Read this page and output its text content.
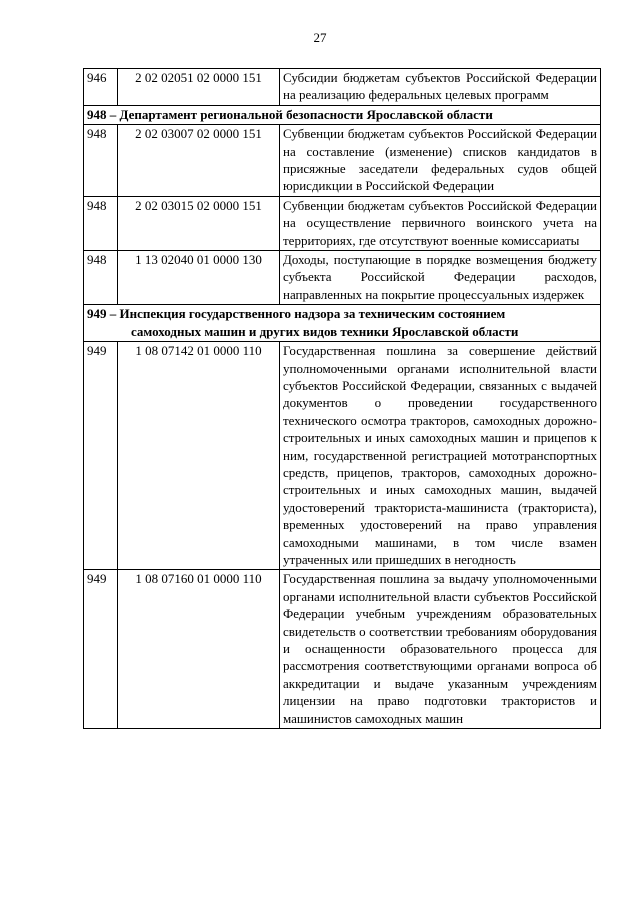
27
946	2 02 02051 02 0000 151	Субсидии бюджетам субъектов Российской Федерации на реализацию федеральных целевых программ
948 – Департамент региональной безопасности Ярославской области		
948	2 02 03007 02 0000 151	Субвенции бюджетам субъектов Российской Федерации на составление (изменение) списков кандидатов в присяжные заседатели федеральных судов общей юрисдикции в Российской Федерации
948	2 02 03015 02 0000 151	Субвенции бюджетам субъектов Российской Федерации на осуществление первичного воинского учета на территориях, где отсутствуют военные комиссариаты
948	1 13 02040 01 0000 130	Доходы, поступающие в порядке возмещения бюджету субъекта Российской Федерации расходов, направленных на покрытие процессуальных издержек
949 – Инспекция государственного надзора за техническим состоянием
самоходных машин и других видов техники Ярославской области		

949	1 08 07142 01 0000 110	Государственная пошлина за совершение действий уполномоченными органами исполнительной власти субъектов Российской Федерации, связанных с выдачей документов о проведении государственного технического осмотра тракторов, самоходных дорожно-строительных и иных самоходных машин и прицепов к ним, государственной регистрацией мототранспортных средств, прицепов, тракторов, самоходных дорожно-строительных и иных самоходных машин, выдачей удостоверений тракториста-машиниста (тракториста), временных удостоверений на право управления самоходными машинами, в том числе взамен утраченных или пришедших в негодность
949	1 08 07160 01 0000 110	Государственная пошлина за выдачу уполномоченными органами исполнительной власти субъектов Российской Федерации учебным учреждениям образовательных свидетельств о соответствии требованиям оборудования и оснащенности образовательного процесса для рассмотрения соответствующими органами вопроса об аккредитации и выдаче указанным учреждениям лицензии на право подготовки трактористов и машинистов самоходных машин
